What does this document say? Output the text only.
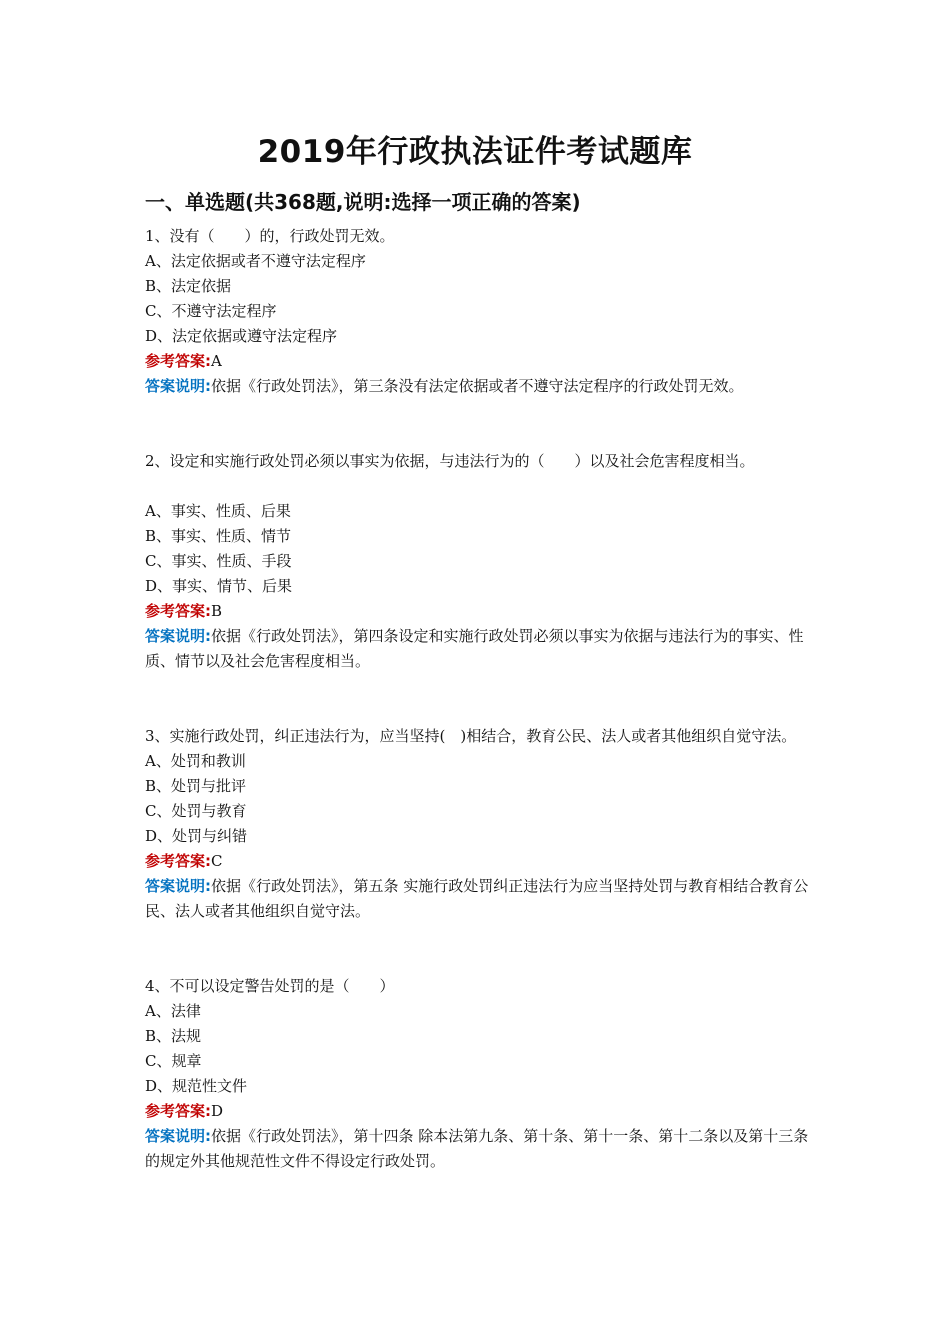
2019年行政执法证件考试题库
一、单选题(共368题,说明:选择一项正确的答案)
1、没有（　　）的，行政处罚无效。
A、法定依据或者不遵守法定程序
B、法定依据
C、不遵守法定程序
D、法定依据或遵守法定程序
参考答案:A
答案说明:依据《行政处罚法》，第三条没有法定依据或者不遵守法定程序的行政处罚无效。
2、设定和实施行政处罚必须以事实为依据，与违法行为的（　　）以及社会危害程度相当。
A、事实、性质、后果
B、事实、性质、情节
C、事实、性质、手段
D、事实、情节、后果
参考答案:B
答案说明:依据《行政处罚法》，第四条设定和实施行政处罚必须以事实为依据与违法行为的事实、性质、情节以及社会危害程度相当。
3、实施行政处罚，纠正违法行为，应当坚持(　)相结合，教育公民、法人或者其他组织自觉守法。
A、处罚和教训
B、处罚与批评
C、处罚与教育
D、处罚与纠错
参考答案:C
答案说明:依据《行政处罚法》，第五条 实施行政处罚纠正违法行为应当坚持处罚与教育相结合教育公民、法人或者其他组织自觉守法。
4、不可以设定警告处罚的是（　　）
A、法律
B、法规
C、规章
D、规范性文件
参考答案:D
答案说明:依据《行政处罚法》，第十四条 除本法第九条、第十条、第十一条、第十二条以及第十三条的规定外其他规范性文件不得设定行政处罚。
